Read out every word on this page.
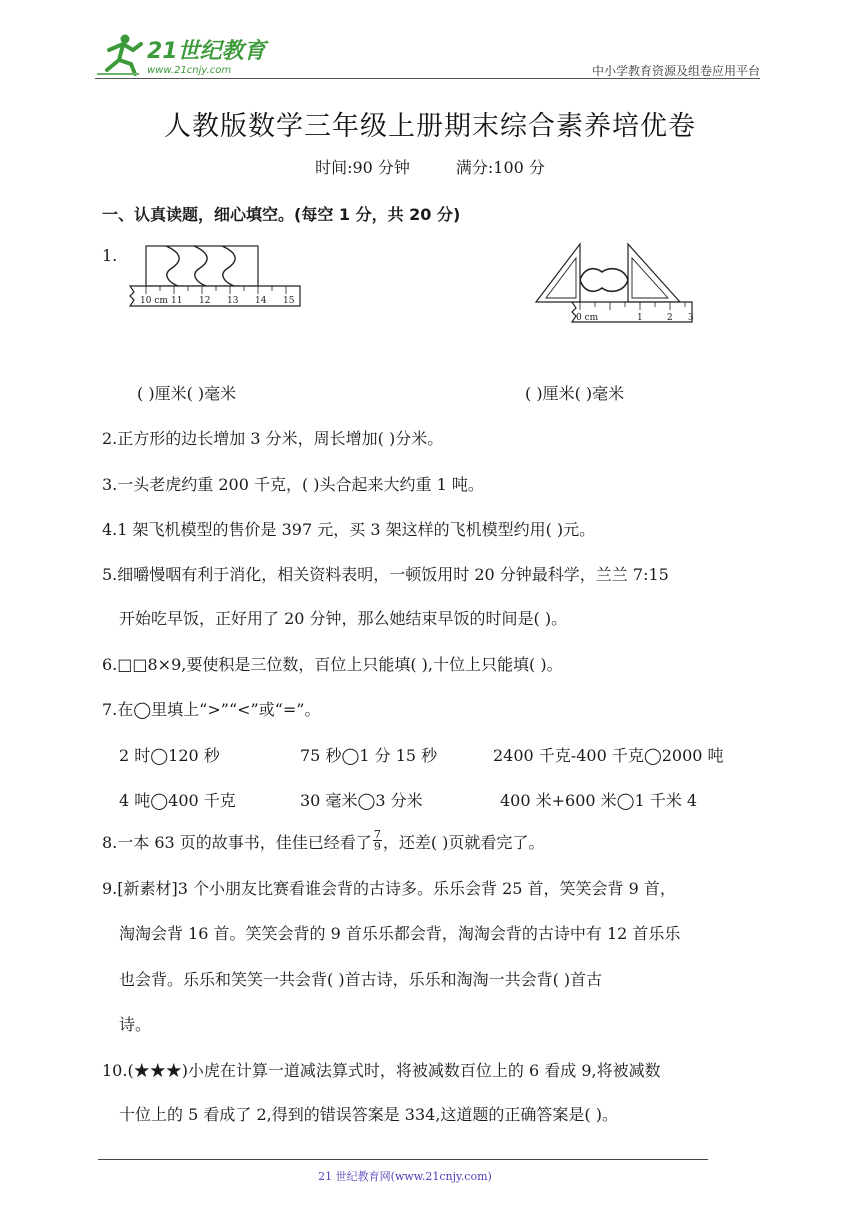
21世纪教育
www.21cnjy.com	中小学教育资源及组卷应用平台
人教版数学三年级上册期末综合素养培优卷
时间:90 分钟	满分:100 分
一、认真读题，细心填空。(每空 1 分，共 20 分)
1.
10 cm 11 12 13 14 15
0 cm	1	2 3
( )厘米( )毫米	( )厘米( )毫米
2.正方形的边长增加 3 分米，周长增加( )分米。
3.一头老虎约重 200 千克，( )头合起来大约重 1 吨。
4.1 架飞机模型的售价是 397 元，买 3 架这样的飞机模型约用( )元。
5.细嚼慢咽有利于消化，相关资料表明，一顿饭用时 20 分钟最科学，兰兰 7:15
开始吃早饭，正好用了 20 分钟，那么她结束早饭的时间是( )。
6.□□8×9,要使积是三位数，百位上只能填( ),十位上只能填( )。
7.在◯里填上“>”“<”或“=”。
2 时◯120 秒	75 秒◯1 分 15 秒	2400 千克-400 千克◯2000 吨
4 吨◯400 千克	30 毫米◯3 分米	400 米+600 米◯1 千米 4
8.一本 63 页的故事书，佳佳已经看了 $\frac{7}{9}$ ，还差( )页就看完了。
9.[新素材]3 个小朋友比赛看谁会背的古诗多。乐乐会背 25 首，笑笑会背 9 首，
淘淘会背 16 首。笑笑会背的 9 首乐乐都会背，淘淘会背的古诗中有 12 首乐乐
也会背。乐乐和笑笑一共会背( )首古诗，乐乐和淘淘一共会背( )首古
诗。
10.(★★★)小虎在计算一道减法算式时，将被减数百位上的 6 看成 9,将被减数
十位上的 5 看成了 2,得到的错误答案是 334,这道题的正确答案是( )。
21 世纪教育网(www.21cnjy.com)
